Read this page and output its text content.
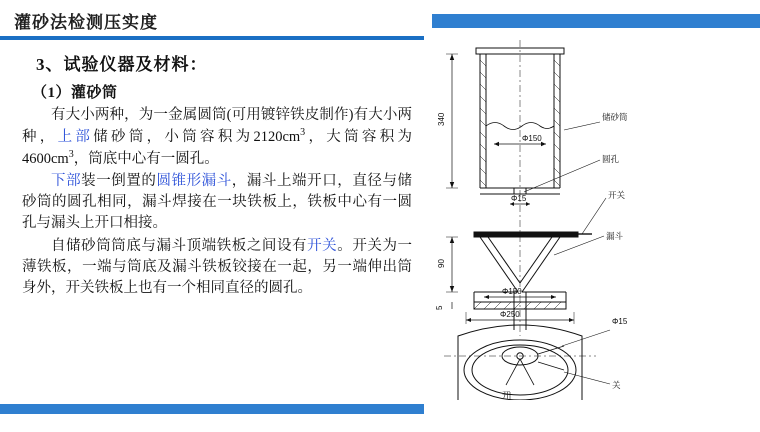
灌砂法检测压实度
3、试验仪器及材料：
（1）灌砂筒

有大小两种，为一金属圆筒(可用镀锌铁皮制作)有大小两种，上部储砂筒，小筒容积为$2120cm^3$，大筒容积为$4600cm^3$，筒底中心有一圆孔。

下部装一倒置的圆锥形漏斗，漏斗上端开口，直径与储砂筒的圆孔相同，漏斗焊接在一块铁板上，铁板中心有一圆孔与漏头上开口相接。

自储砂筒筒底与漏斗顶端铁板之间设有开关。开关为一薄铁板，一端与筒底及漏斗铁板铰接在一起，另一端伸出筒身外，开关铁板上也有一个相同直径的圆孔。

Φ150
340
Φ15
90
Φ150
Φ250
5
Φ15
储砂筒
圆孔
开关
漏斗
关
开
